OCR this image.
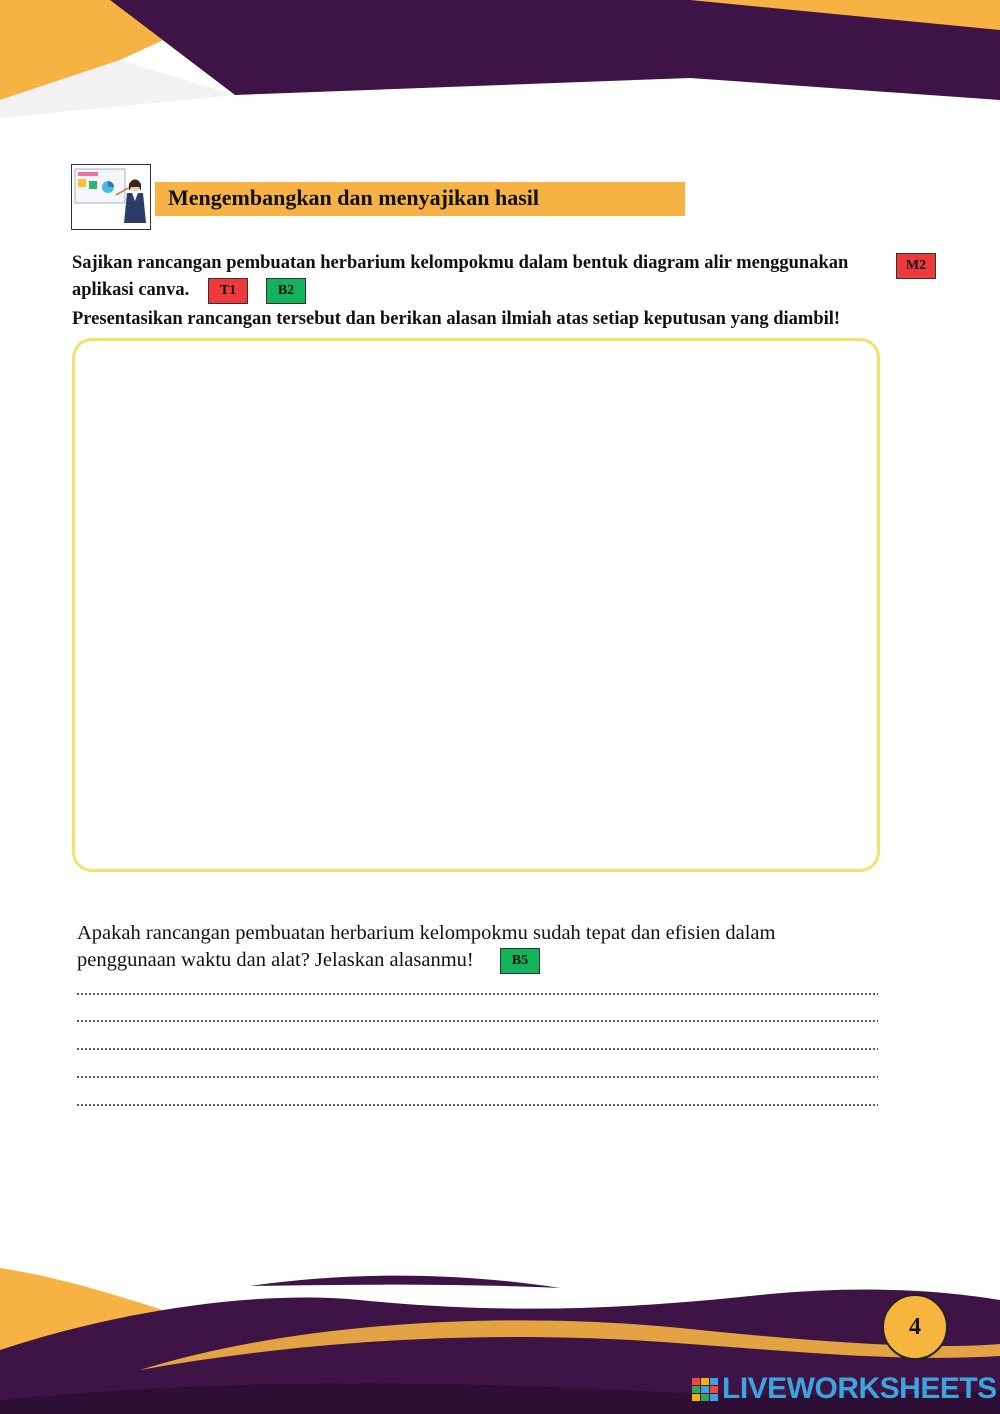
Mengembangkan dan menyajikan hasil
Sajikan rancangan pembuatan herbarium kelompokmu dalam bentuk diagram alir menggunakan	M2
aplikasi canva.	T1	B2
Presentasikan rancangan tersebut dan berikan alasan ilmiah atas setiap keputusan yang diambil!
Apakah rancangan pembuatan herbarium kelompokmu sudah tepat dan efisien dalam
penggunaan waktu dan alat? Jelaskan alasanmu!	B5
4
LIVEWORKSHEETS
